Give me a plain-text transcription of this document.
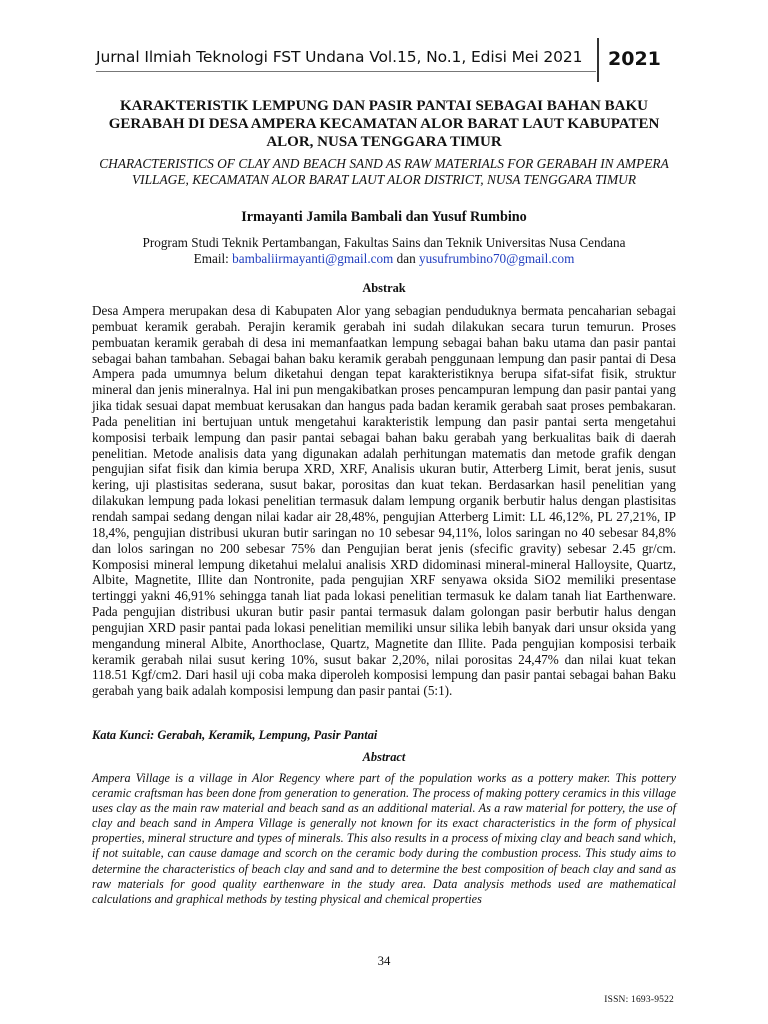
Jurnal Ilmiah Teknologi FST Undana Vol.15, No.1, Edisi Mei 2021 2021
KARAKTERISTIK LEMPUNG DAN PASIR PANTAI SEBAGAI BAHAN BAKU GERABAH DI DESA AMPERA KECAMATAN ALOR BARAT LAUT KABUPATEN ALOR, NUSA TENGGARA TIMUR
CHARACTERISTICS OF CLAY AND BEACH SAND AS RAW MATERIALS FOR GERABAH IN AMPERA VILLAGE, KECAMATAN ALOR BARAT LAUT ALOR DISTRICT, NUSA TENGGARA TIMUR
Irmayanti Jamila Bambali dan Yusuf Rumbino
Program Studi Teknik Pertambangan, Fakultas Sains dan Teknik Universitas Nusa Cendana
Email: bambaliirmayanti@gmail.com dan yusufrumbino70@gmail.com
Abstrak
Desa Ampera merupakan desa di Kabupaten Alor yang sebagian penduduknya bermata pencaharian sebagai pembuat keramik gerabah. Perajin keramik gerabah ini sudah dilakukan secara turun temurun. Proses pembuatan keramik gerabah di desa ini memanfaatkan lempung sebagai bahan baku utama dan pasir pantai sebagai bahan tambahan. Sebagai bahan baku keramik gerabah penggunaan lempung dan pasir pantai di Desa Ampera pada umumnya belum diketahui dengan tepat karakteristiknya berupa sifat-sifat fisik, struktur mineral dan jenis mineralnya. Hal ini pun mengakibatkan proses pencampuran lempung dan pasir pantai yang jika tidak sesuai dapat membuat kerusakan dan hangus pada badan keramik gerabah saat proses pembakaran. Pada penelitian ini bertujuan untuk mengetahui karakteristik lempung dan pasir pantai serta mengetahui komposisi terbaik lempung dan pasir pantai sebagai bahan baku gerabah yang berkualitas baik di daerah penelitian. Metode analisis data yang digunakan adalah perhitungan matematis dan metode grafik dengan pengujian sifat fisik dan kimia berupa XRD, XRF, Analisis ukuran butir, Atterberg Limit, berat jenis, susut kering, uji plastisitas sederana, susut bakar, porositas dan kuat tekan. Berdasarkan hasil penelitian yang dilakukan lempung pada lokasi penelitian termasuk dalam lempung organik berbutir halus dengan plastisitas rendah sampai sedang dengan nilai kadar air 28,48%, pengujian Atterberg Limit: LL 46,12%, PL 27,21%, IP 18,4%, pengujian distribusi ukuran butir saringan no 10 sebesar 94,11%, lolos saringan no 40 sebesar 84,8% dan lolos saringan no 200 sebesar 75% dan Pengujian berat jenis (sfecific gravity) sebesar 2.45 gr/cm. Komposisi mineral lempung diketahui melalui analisis XRD didominasi mineral-mineral Halloysite, Quartz, Albite, Magnetite, Illite dan Nontronite, pada pengujian XRF senyawa oksida SiO2 memiliki presentase tertinggi yakni 46,91% sehingga tanah liat pada lokasi penelitian termasuk ke dalam tanah liat Earthenware. Pada pengujian distribusi ukuran butir pasir pantai termasuk dalam golongan pasir berbutir halus dengan pengujian XRD pasir pantai pada lokasi penelitian memiliki unsur silika lebih banyak dari unsur oksida yang mengandung mineral Albite, Anorthoclase, Quartz, Magnetite dan Illite. Pada pengujian komposisi terbaik keramik gerabah nilai susut kering 10%, susut bakar 2,20%, nilai porositas 24,47% dan nilai kuat tekan 118.51 Kgf/cm2. Dari hasil uji coba maka diperoleh komposisi lempung dan pasir pantai sebagai bahan Baku gerabah yang baik adalah komposisi lempung dan pasir pantai (5:1).
Kata Kunci: Gerabah, Keramik, Lempung, Pasir Pantai
Abstract
Ampera Village is a village in Alor Regency where part of the population works as a pottery maker. This pottery ceramic craftsman has been done from generation to generation. The process of making pottery ceramics in this village uses clay as the main raw material and beach sand as an additional material. As a raw material for pottery, the use of clay and beach sand in Ampera Village is generally not known for its exact characteristics in the form of physical properties, mineral structure and types of minerals. This also results in a process of mixing clay and beach sand which, if not suitable, can cause damage and scorch on the ceramic body during the combustion process. This study aims to determine the characteristics of beach clay and sand and to determine the best composition of beach clay and sand as raw materials for good quality earthenware in the study area. Data analysis methods used are mathematical calculations and graphical methods by testing physical and chemical properties
34
ISSN: 1693-9522
